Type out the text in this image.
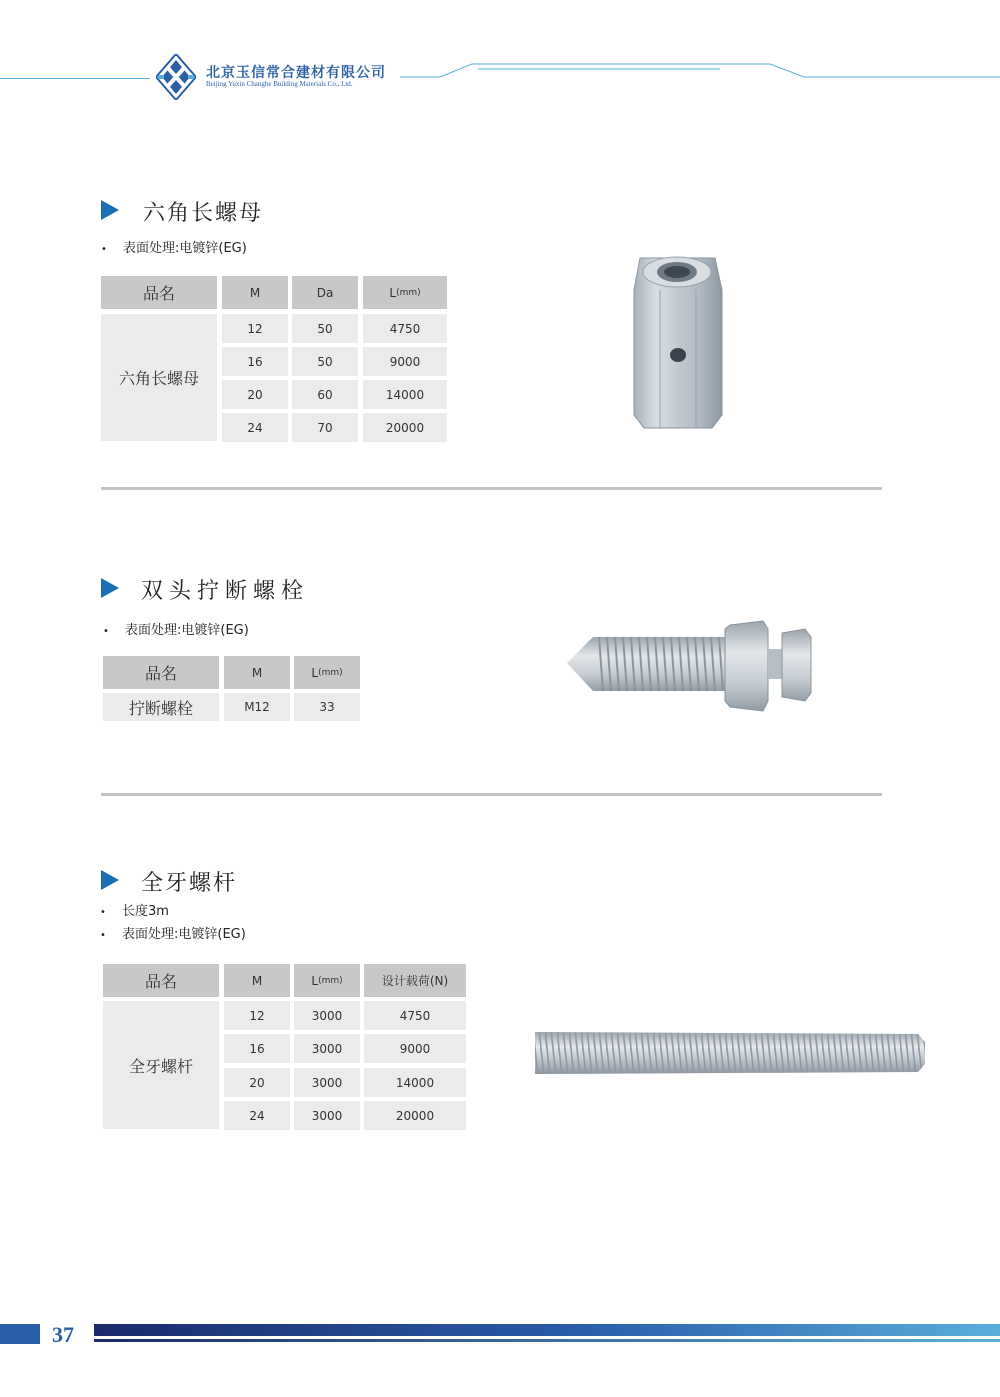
北京玉信常合建材有限公司
Beijing Yuxin Changhe Building Materials Co., Ltd.
六角长螺母
• 表面处理:电镀锌(EG)
品名	M	Da	L (mm)
六角长螺母
12	50	4750
16	50	9000
20	60	14000
24	70	20000
双头拧断螺栓
• 表面处理:电镀锌(EG)
品名	M	L (mm)
拧断螺栓	M12	33
全牙螺杆
• 长度3m
• 表面处理:电镀锌(EG)
品名	M	L (mm)	设计载荷(N)
全牙螺杆
12	3000	4750
16	3000	9000
20	3000	14000
24	3000	20000
37
